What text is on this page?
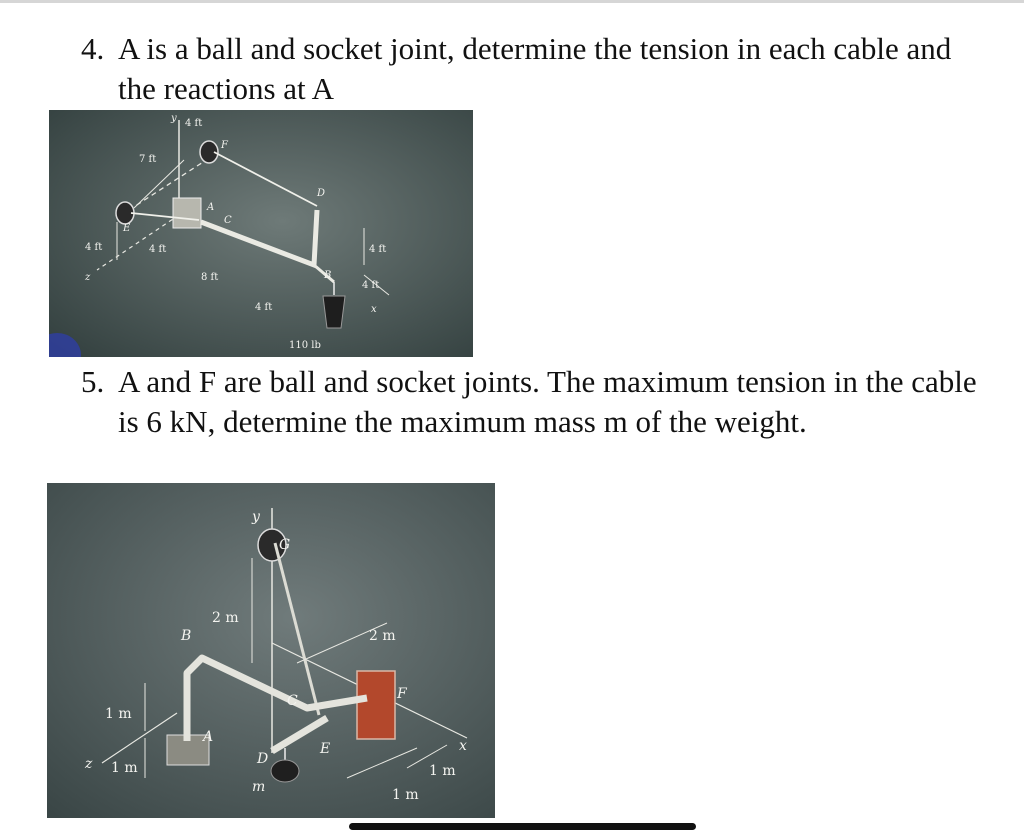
4. A is a ball and socket joint, determine the tension in each cable and the reactions at A

y 4 ft
7 ft
F
D
A
C
E
4 ft	4 ft
z	8 ft	B
4 ft
4 ft
4 ft	x
110 lb

5. A and F are ball and socket joints. The maximum tension in the cable is 6 kN, determine the maximum mass m of the weight.

y
G
2 m
B	2 m
C	F
1 m
A
E
D
x
z 1 m	1 m
m	1 m
